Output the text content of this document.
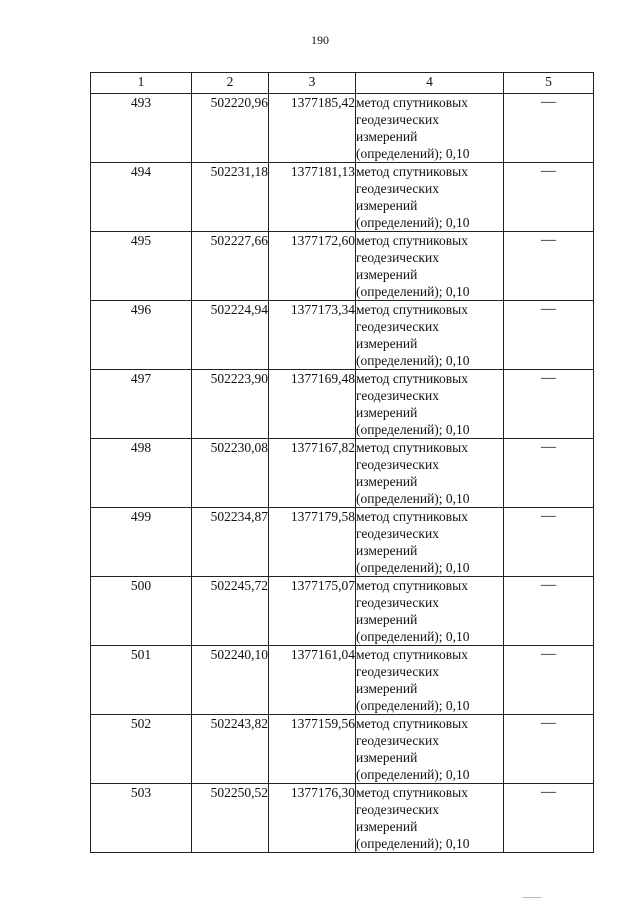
190
1	2	3	4	5
493	502220,96	1377185,42	метод спутниковых
геодезических
измерений
(определений); 0,10	—
494	502231,18	1377181,13	метод спутниковых
геодезических
измерений
(определений); 0,10	—
495	502227,66	1377172,60	метод спутниковых
геодезических
измерений
(определений); 0,10	—
496	502224,94	1377173,34	метод спутниковых
геодезических
измерений
(определений); 0,10	—
497	502223,90	1377169,48	метод спутниковых
геодезических
измерений
(определений); 0,10	—
498	502230,08	1377167,82	метод спутниковых
геодезических
измерений
(определений); 0,10	—
499	502234,87	1377179,58	метод спутниковых
геодезических
измерений
(определений); 0,10	—
500	502245,72	1377175,07	метод спутниковых
геодезических
измерений
(определений); 0,10	—
501	502240,10	1377161,04	метод спутниковых
геодезических
измерений
(определений); 0,10	—
502	502243,82	1377159,56	метод спутниковых
геодезических
измерений
(определений); 0,10	—
503	502250,52	1377176,30	метод спутниковых
геодезических
измерений
(определений); 0,10	—
